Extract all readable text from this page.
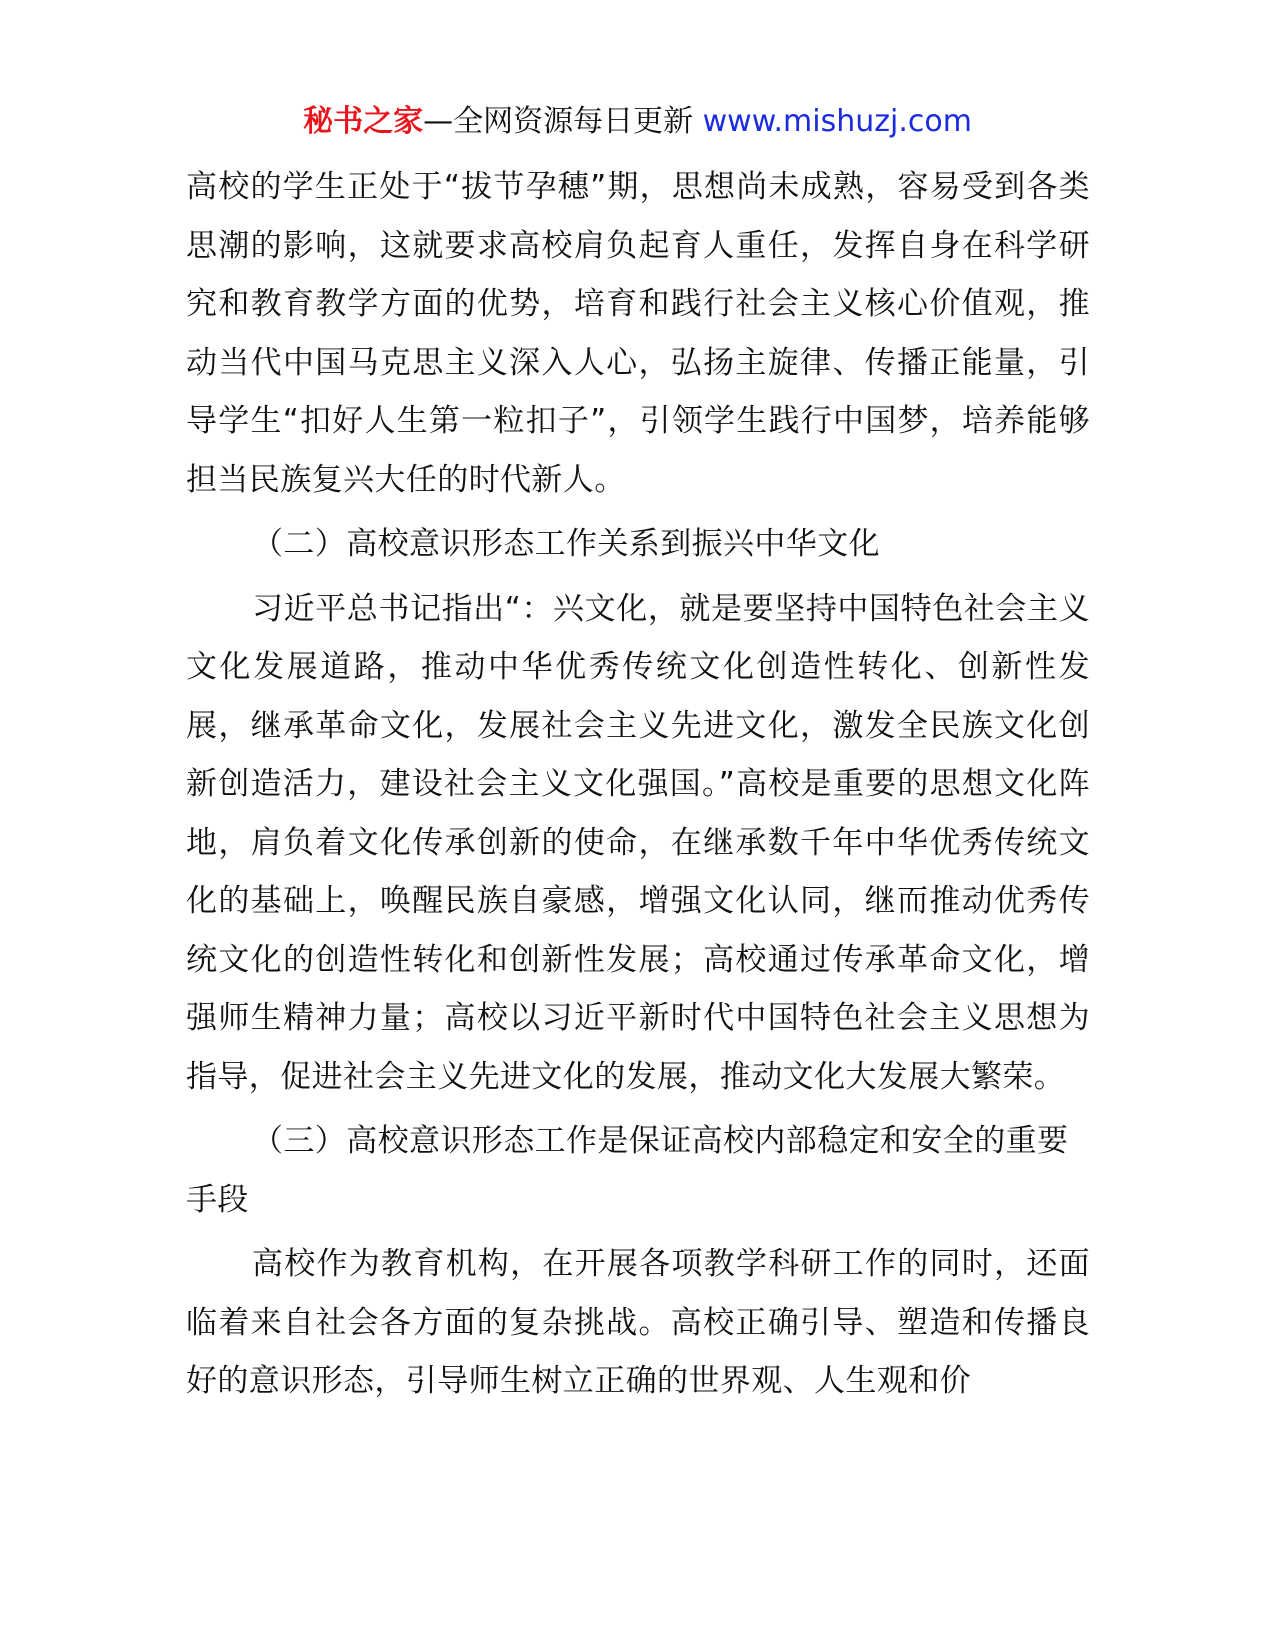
秘书之家—全网资源每日更新 www.mishuzj.com

高校的学生正处于“拔节孕穗”期，思想尚未成熟，容易受到各类思潮的影响，这就要求高校肩负起育人重任，发挥自身在科学研究和教育教学方面的优势，培育和践行社会主义核心价值观，推动当代中国马克思主义深入人心，弘扬主旋律、传播正能量，引导学生“扣好人生第一粒扣子”，引领学生践行中国梦，培养能够担当民族复兴大任的时代新人。

（二）高校意识形态工作关系到振兴中华文化

习近平总书记指出“：兴文化，就是要坚持中国特色社会主义文化发展道路，推动中华优秀传统文化创造性转化、创新性发展，继承革命文化，发展社会主义先进文化，激发全民族文化创新创造活力，建设社会主义文化强国。”高校是重要的思想文化阵地，肩负着文化传承创新的使命，在继承数千年中华优秀传统文化的基础上，唤醒民族自豪感，增强文化认同，继而推动优秀传统文化的创造性转化和创新性发展；高校通过传承革命文化，增强师生精神力量；高校以习近平新时代中国特色社会主义思想为指导，促进社会主义先进文化的发展，推动文化大发展大繁荣。

（三）高校意识形态工作是保证高校内部稳定和安全的重要手段

高校作为教育机构，在开展各项教学科研工作的同时，还面临着来自社会各方面的复杂挑战。高校正确引导、塑造和传播良好的意识形态，引导师生树立正确的世界观、人生观和价
